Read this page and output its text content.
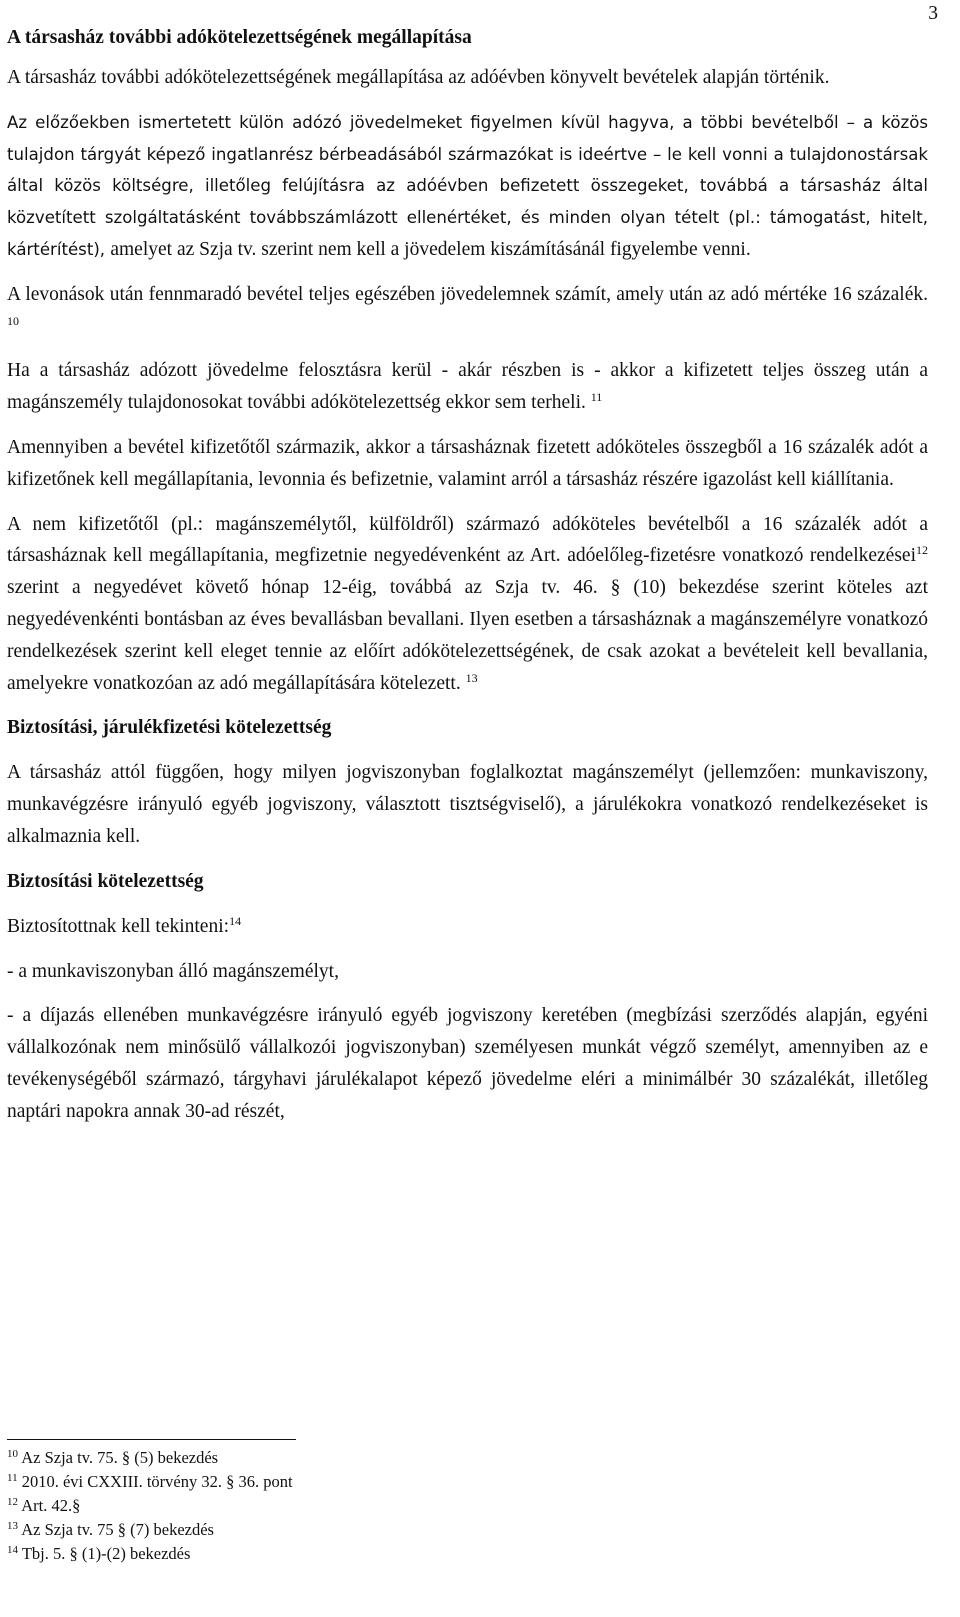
3
A társasház további adókötelezettségének megállapítása

A társasház további adókötelezettségének megállapítása az adóévben könyvelt bevételek alapján történik.

Az előzőekben ismertetett külön adózó jövedelmeket figyelmen kívül hagyva, a többi bevételből – a közös tulajdon tárgyát képező ingatlanrész bérbeadásából származókat is ideértve – le kell vonni a tulajdonostársak által közös költségre, illetőleg felújításra az adóévben befizetett összegeket, továbbá a társasház által közvetített szolgáltatásként továbbszámlázott ellenértéket, és minden olyan tételt (pl.: támogatást, hitelt, kártérítést), amelyet az Szja tv. szerint nem kell a jövedelem kiszámításánál figyelembe venni.

A levonások után fennmaradó bevétel teljes egészében jövedelemnek számít, amely után az adó mértéke 16 százalék. $^{10}$

Ha a társasház adózott jövedelme felosztásra kerül - akár részben is - akkor a kifizetett teljes összeg után a magánszemély tulajdonosokat további adókötelezettség ekkor sem terheli. $^{11}$

Amennyiben a bevétel kifizetőtől származik, akkor a társasháznak fizetett adóköteles összegből a 16 százalék adót a kifizetőnek kell megállapítania, levonnia és befizetnie, valamint arról a társasház részére igazolást kell kiállítania.

A nem kifizetőtől (pl.: magánszemélytől, külföldről) származó adóköteles bevételből a 16 százalék adót a társasháznak kell megállapítania, megfizetnie negyedévenként az Art. adóelőleg-fizetésre vonatkozó rendelkezései$^{12}$ szerint a negyedévet követő hónap 12-éig, továbbá az Szja tv. 46. § (10) bekezdése szerint köteles azt negyedévenkénti bontásban az éves bevallásban bevallani. Ilyen esetben a társasháznak a magánszemélyre vonatkozó rendelkezések szerint kell eleget tennie az előírt adókötelezettségének, de csak azokat a bevételeit kell bevallania, amelyekre vonatkozóan az adó megállapítására kötelezett. $^{13}$

Biztosítási, járulékfizetési kötelezettség

A társasház attól függően, hogy milyen jogviszonyban foglalkoztat magánszemélyt (jellemzően: munkaviszony, munkavégzésre irányuló egyéb jogviszony, választott tisztségviselő), a járulékokra vonatkozó rendelkezéseket is alkalmaznia kell.

Biztosítási kötelezettség

Biztosítottnak kell tekinteni:$^{14}$

- a munkaviszonyban álló magánszemélyt,

- a díjazás ellenében munkavégzésre irányuló egyéb jogviszony keretében (megbízási szerződés alapján, egyéni vállalkozónak nem minősülő vállalkozói jogviszonyban) személyesen munkát végző személyt, amennyiben az e tevékenységéből származó, tárgyhavi járulékalapot képező jövedelme eléri a minimálbér 30 százalékát, illetőleg naptári napokra annak 30-ad részét,

$^{10}$ Az Szja tv. 75. § (5) bekezdés

$^{11}$ 2010. évi CXXIII. törvény 32. § 36. pont

$^{12}$ Art. 42.§

$^{13}$ Az Szja tv. 75 § (7) bekezdés

$^{14}$ Tbj. 5. § (1)-(2) bekezdés
